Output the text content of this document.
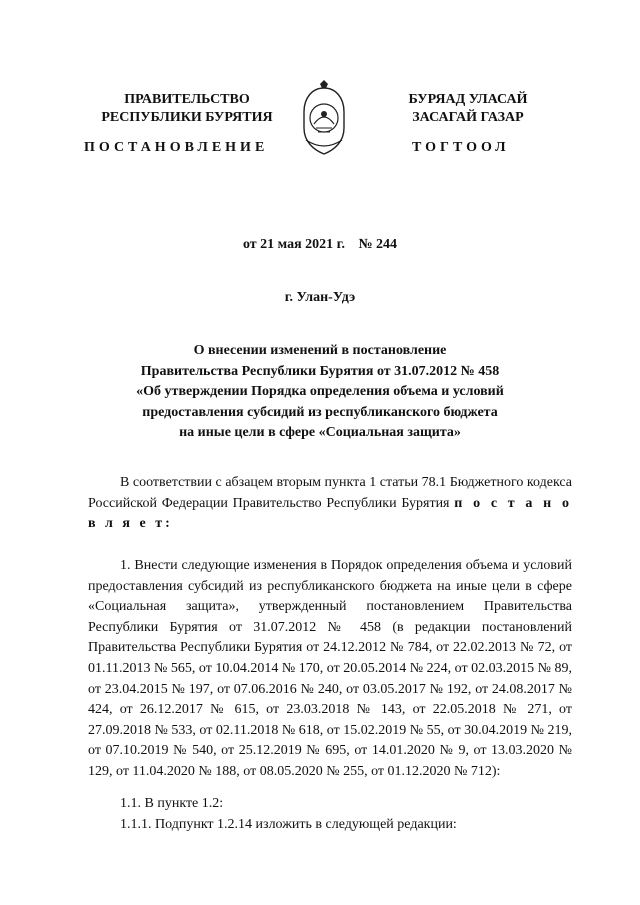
ПРАВИТЕЛЬСТВО
РЕСПУБЛИКИ БУРЯТИЯ
БУРЯАД УЛАСАЙ
ЗАСАГАЙ ГАЗАР
ПОСТАНОВЛЕНИЕ	ТОГТООЛ
от 21 мая 2021 г. № 244
г. Улан-Удэ
О внесении изменений в постановление
Правительства Республики Бурятия от 31.07.2012 № 458
«Об утверждении Порядка определения объема и условий
предоставления субсидий из республиканского бюджета
на иные цели в сфере «Социальная защита»

В соответствии с абзацем вторым пункта 1 статьи 78.1 Бюджетного кодекса Российской Федерации Правительство Республики Бурятия п о с т а н о в л я е т:

1. Внести следующие изменения в Порядок определения объема и условий предоставления субсидий из республиканского бюджета на иные цели в сфере «Социальная защита», утвержденный постановлением Правительства Республики Бурятия от 31.07.2012 № 458 (в редакции постановлений Правительства Республики Бурятия от 24.12.2012 № 784, от 22.02.2013 № 72, от 01.11.2013 № 565, от 10.04.2014 № 170, от 20.05.2014 № 224, от 02.03.2015 № 89, от 23.04.2015 № 197, от 07.06.2016 № 240, от 03.05.2017 № 192, от 24.08.2017 № 424, от 26.12.2017 № 615, от 23.03.2018 № 143, от 22.05.2018 № 271, от 27.09.2018 № 533, от 02.11.2018 № 618, от 15.02.2019 № 55, от 30.04.2019 № 219, от 07.10.2019 № 540, от 25.12.2019 № 695, от 14.01.2020 № 9, от 13.03.2020 № 129, от 11.04.2020 № 188, от 08.05.2020 № 255, от 01.12.2020 № 712):

1.1. В пункте 1.2:
1.1.1. Подпункт 1.2.14 изложить в следующей редакции:
